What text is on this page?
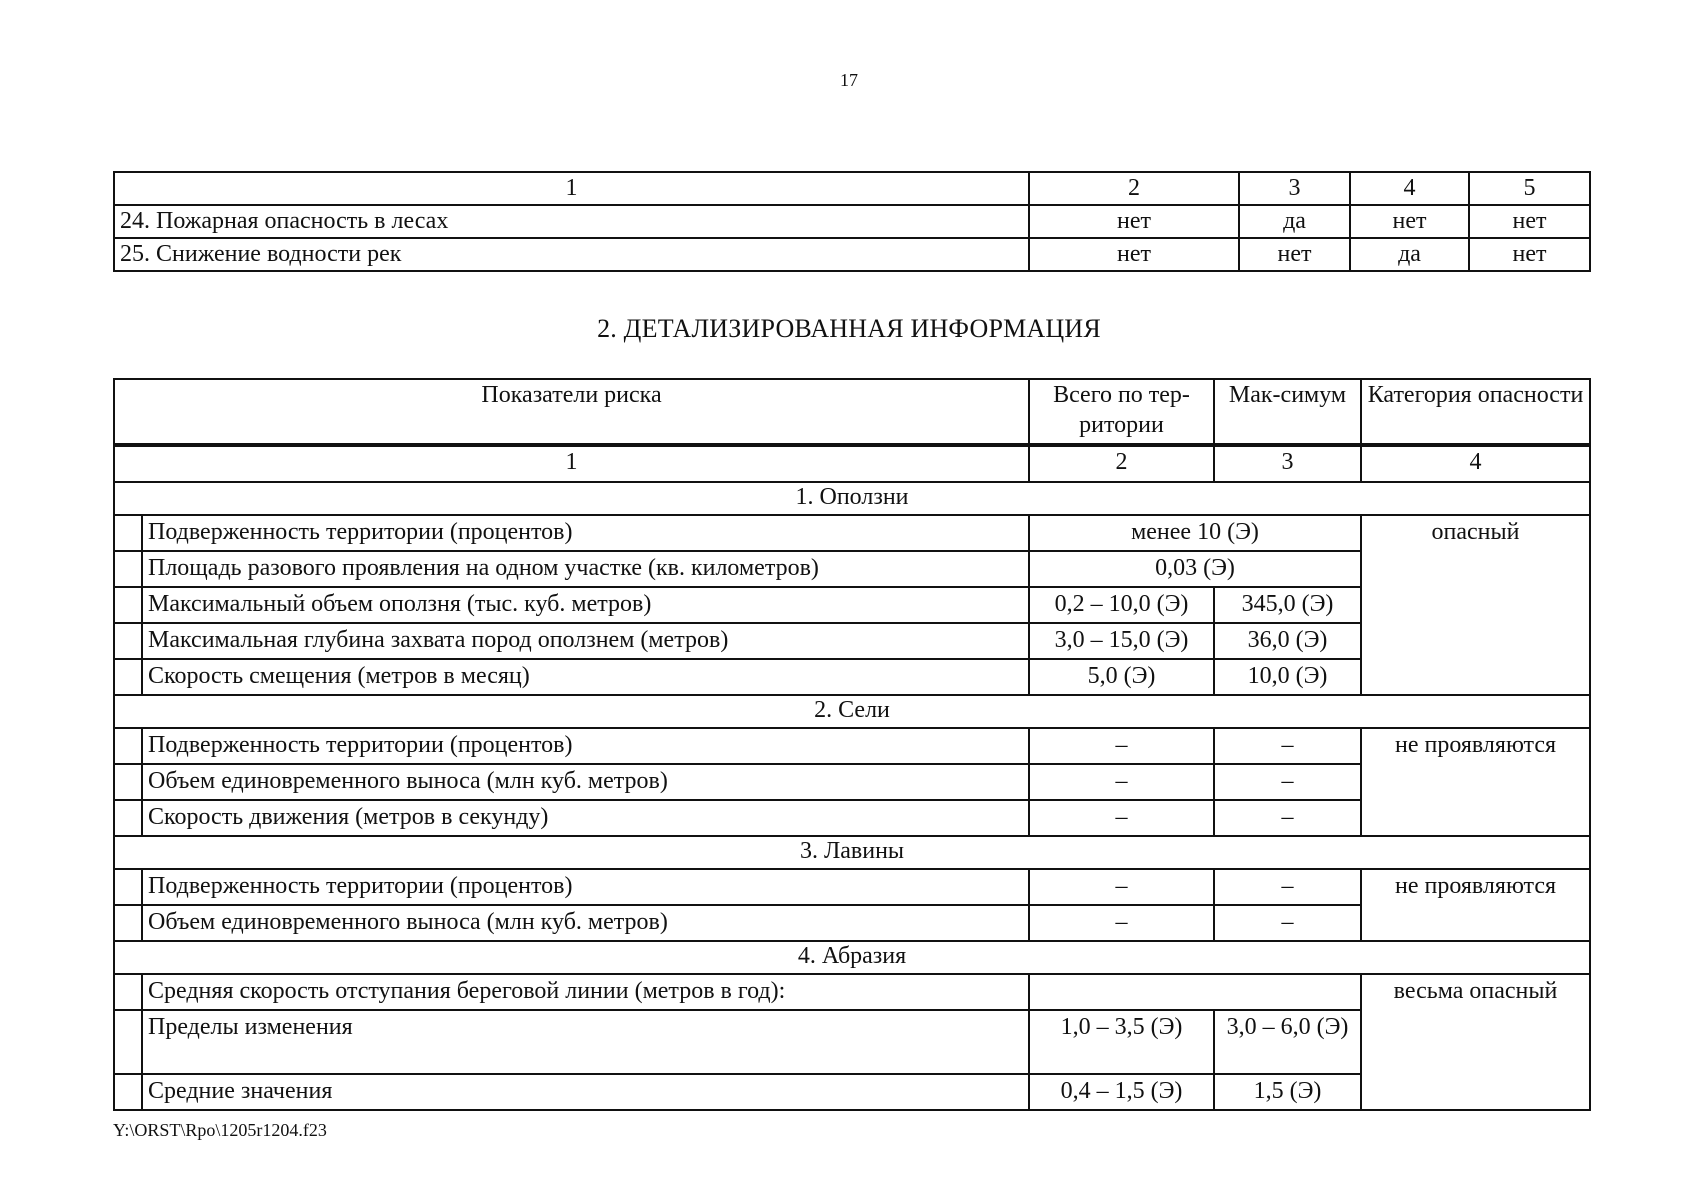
17
1	2	3	4	5
24. Пожарная опасность в лесах	нет	да	нет	нет
25. Снижение водности рек	нет	нет	да	нет
2. ДЕТАЛИЗИРОВАННАЯ ИНФОРМАЦИЯ
Показатели риска		Всего по тер-ритории	Мак-симум	Категория опасности
1		2	3	4
1. Оползни				
	Подверженность территории (процентов)	менее 10 (Э)		опасный
	Площадь разового проявления на одном участке (кв. километров)	0,03 (Э)		
	Максимальный объем оползня (тыс. куб. метров)	0,2 – 10,0 (Э)	345,0 (Э)	
	Максимальная глубина захвата пород оползнем (метров)	3,0 – 15,0 (Э)	36,0 (Э)	
	Скорость смещения (метров в месяц)	5,0 (Э)	10,0 (Э)	
2. Сели				
	Подверженность территории (процентов)	–	–	не проявляются
	Объем единовременного выноса (млн куб. метров)	–	–	
	Скорость движения (метров в секунду)	–	–	
3. Лавины				
	Подверженность территории (процентов)	–	–	не проявляются
	Объем единовременного выноса (млн куб. метров)	–	–	
4. Абразия				
	Средняя скорость отступания береговой линии (метров в год):			весьма опасный
	Пределы изменения	1,0 – 3,5 (Э)	3,0 – 6,0 (Э)	
	Средние значения	0,4 – 1,5 (Э)	1,5 (Э)	
Y:\ORST\Rpo\1205r1204.f23
